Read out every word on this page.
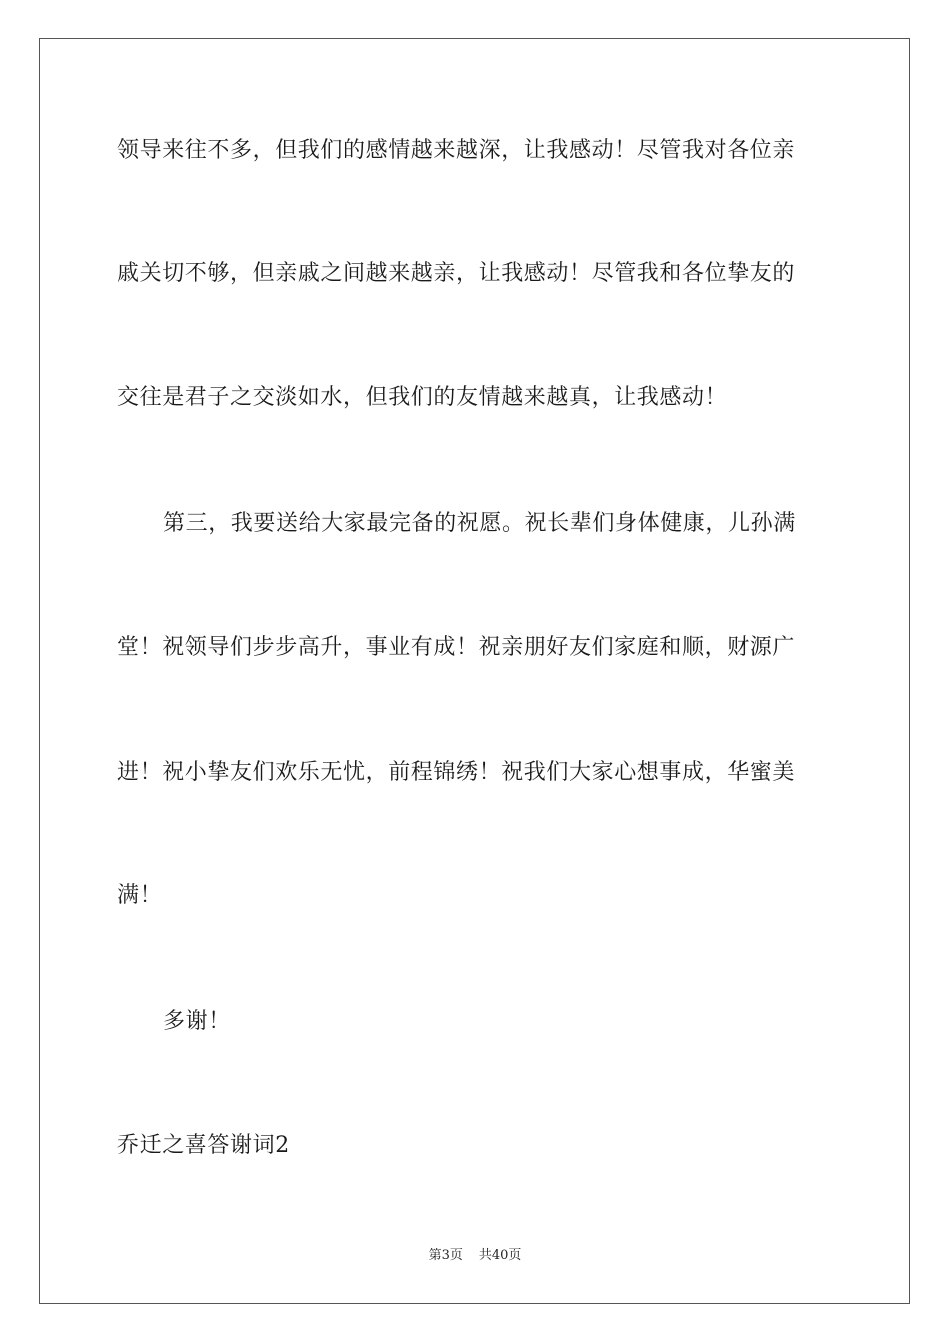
领导来往不多，但我们的感情越来越深，让我感动！尽管我对各位亲
戚关切不够，但亲戚之间越来越亲，让我感动！尽管我和各位挚友的
交往是君子之交淡如水，但我们的友情越来越真，让我感动！
第三，我要送给大家最完备的祝愿。祝长辈们身体健康，儿孙满
堂！祝领导们步步高升，事业有成！祝亲朋好友们家庭和顺，财源广
进！祝小挚友们欢乐无忧，前程锦绣！祝我们大家心想事成，华蜜美
满！
多谢！
乔迁之喜答谢词2
第3页 共40页
